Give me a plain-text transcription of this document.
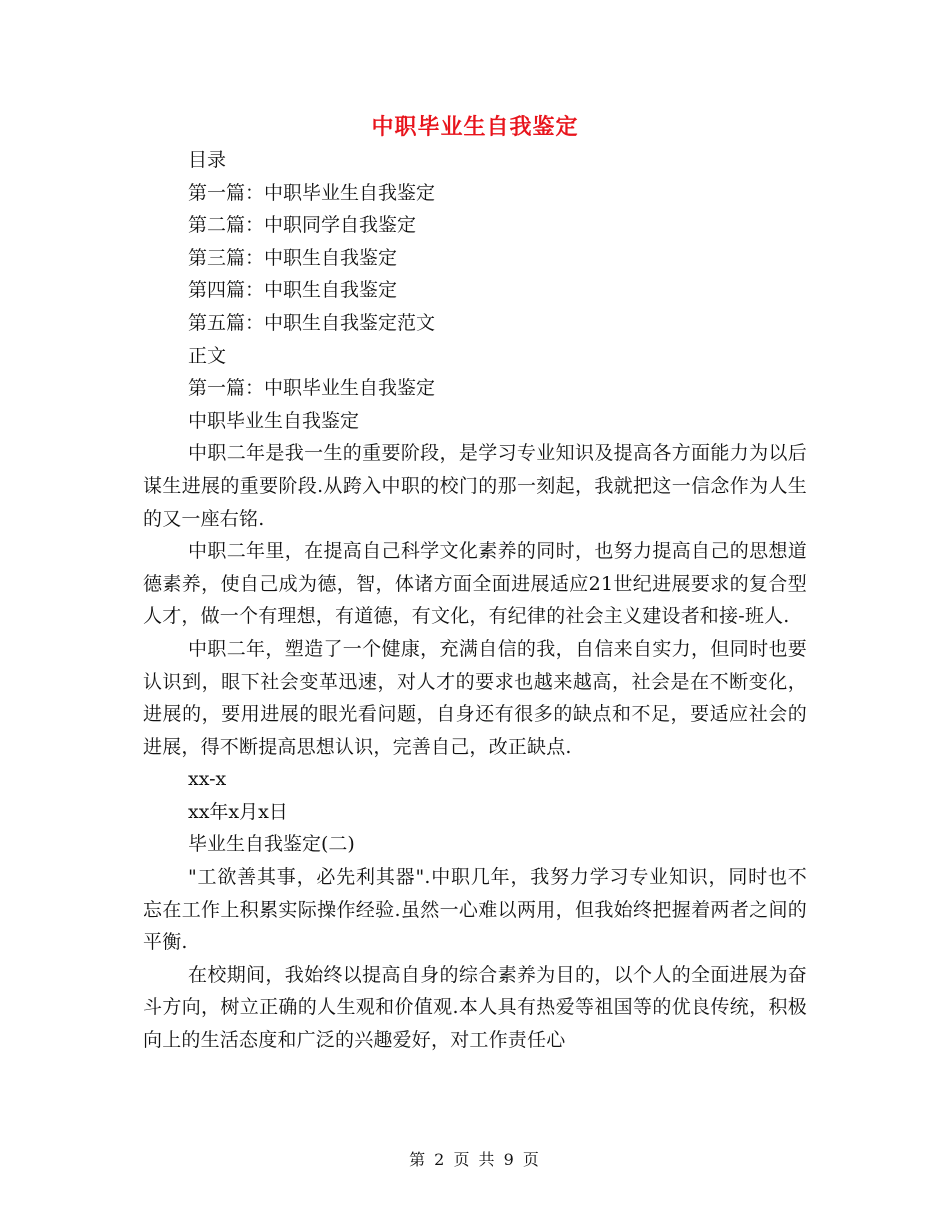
中职毕业生自我鉴定

目录

第一篇：中职毕业生自我鉴定

第二篇：中职同学自我鉴定

第三篇：中职生自我鉴定

第四篇：中职生自我鉴定

第五篇：中职生自我鉴定范文

正文

第一篇：中职毕业生自我鉴定

中职毕业生自我鉴定

中职二年是我一生的重要阶段，是学习专业知识及提高各方面能力为以后谋生进展的重要阶段.从跨入中职的校门的那一刻起，我就把这一信念作为人生的又一座右铭.

中职二年里，在提高自己科学文化素养的同时，也努力提高自己的思想道德素养，使自己成为德，智，体诸方面全面进展适应21世纪进展要求的复合型人才，做一个有理想，有道德，有文化，有纪律的社会主义建设者和接-班人.

中职二年，塑造了一个健康，充满自信的我，自信来自实力，但同时也要认识到，眼下社会变革迅速，对人才的要求也越来越高，社会是在不断变化，进展的，要用进展的眼光看问题，自身还有很多的缺点和不足，要适应社会的进展，得不断提高思想认识，完善自己，改正缺点.

xx-x

xx年x月x日

毕业生自我鉴定(二)

"工欲善其事，必先利其器".中职几年，我努力学习专业知识，同时也不忘在工作上积累实际操作经验.虽然一心难以两用，但我始终把握着两者之间的平衡.

在校期间，我始终以提高自身的综合素养为目的，以个人的全面进展为奋斗方向，树立正确的人生观和价值观.本人具有热爱等祖国等的优良传统，积极向上的生活态度和广泛的兴趣爱好，对工作责任心

第 2 页 共 9 页
